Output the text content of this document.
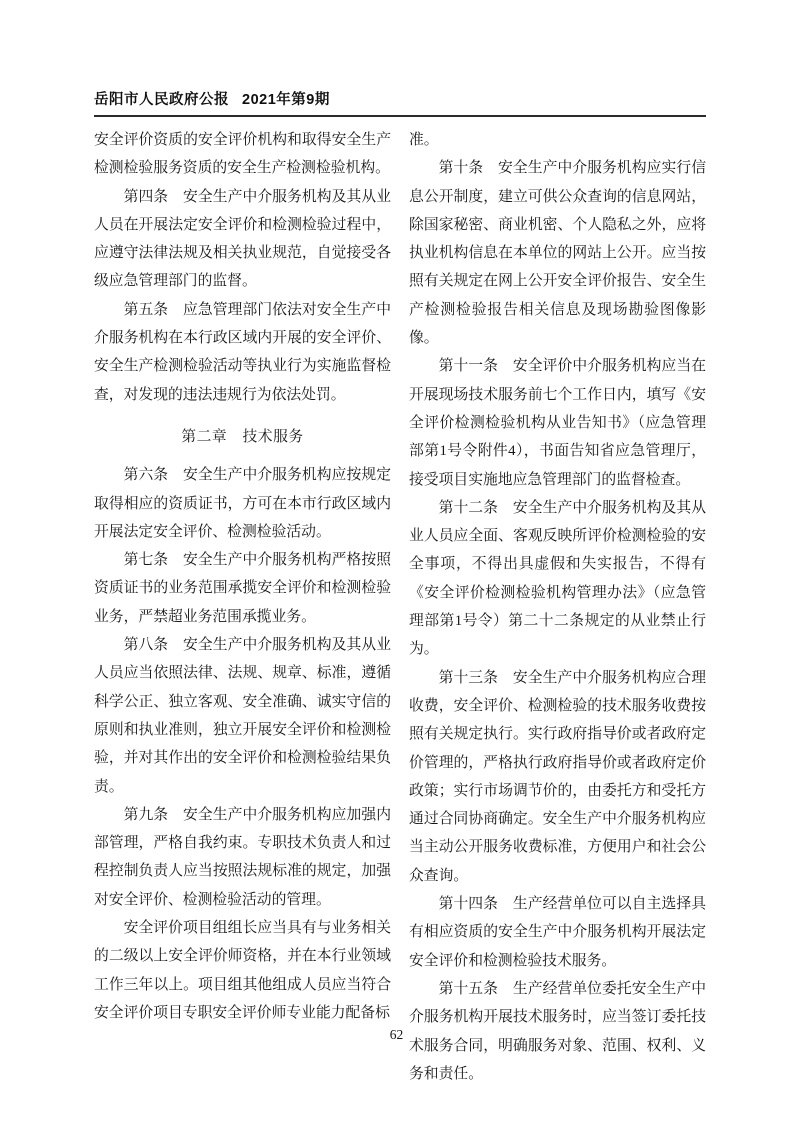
岳阳市人民政府公报 2021年第9期

安全评价资质的安全评价机构和取得安全生产检测检验服务资质的安全生产检测检验机构。

第四条　安全生产中介服务机构及其从业人员在开展法定安全评价和检测检验过程中，应遵守法律法规及相关执业规范，自觉接受各级应急管理部门的监督。

第五条　应急管理部门依法对安全生产中介服务机构在本行政区域内开展的安全评价、安全生产检测检验活动等执业行为实施监督检查，对发现的违法违规行为依法处罚。

第二章　技术服务

第六条　安全生产中介服务机构应按规定取得相应的资质证书，方可在本市行政区域内开展法定安全评价、检测检验活动。

第七条　安全生产中介服务机构严格按照资质证书的业务范围承揽安全评价和检测检验业务，严禁超业务范围承揽业务。

第八条　安全生产中介服务机构及其从业人员应当依照法律、法规、规章、标准，遵循科学公正、独立客观、安全准确、诚实守信的原则和执业准则，独立开展安全评价和检测检验，并对其作出的安全评价和检测检验结果负责。

第九条　安全生产中介服务机构应加强内部管理，严格自我约束。专职技术负责人和过程控制负责人应当按照法规标准的规定，加强对安全评价、检测检验活动的管理。

安全评价项目组组长应当具有与业务相关的二级以上安全评价师资格，并在本行业领域工作三年以上。项目组其他组成人员应当符合安全评价项目专职安全评价师专业能力配备标

准。

第十条　安全生产中介服务机构应实行信息公开制度，建立可供公众查询的信息网站，除国家秘密、商业机密、个人隐私之外，应将执业机构信息在本单位的网站上公开。应当按照有关规定在网上公开安全评价报告、安全生产检测检验报告相关信息及现场勘验图像影像。

第十一条　安全评价中介服务机构应当在开展现场技术服务前七个工作日内，填写《安全评价检测检验机构从业告知书》（应急管理部第1号令附件4），书面告知省应急管理厅，接受项目实施地应急管理部门的监督检查。

第十二条　安全生产中介服务机构及其从业人员应全面、客观反映所评价检测检验的安全事项，不得出具虚假和失实报告，不得有《安全评价检测检验机构管理办法》（应急管理部第1号令）第二十二条规定的从业禁止行为。

第十三条　安全生产中介服务机构应合理收费，安全评价、检测检验的技术服务收费按照有关规定执行。实行政府指导价或者政府定价管理的，严格执行政府指导价或者政府定价政策；实行市场调节价的，由委托方和受托方通过合同协商确定。安全生产中介服务机构应当主动公开服务收费标准，方便用户和社会公众查询。

第十四条　生产经营单位可以自主选择具有相应资质的安全生产中介服务机构开展法定安全评价和检测检验技术服务。

第十五条　生产经营单位委托安全生产中介服务机构开展技术服务时，应当签订委托技术服务合同，明确服务对象、范围、权利、义务和责任。

62
